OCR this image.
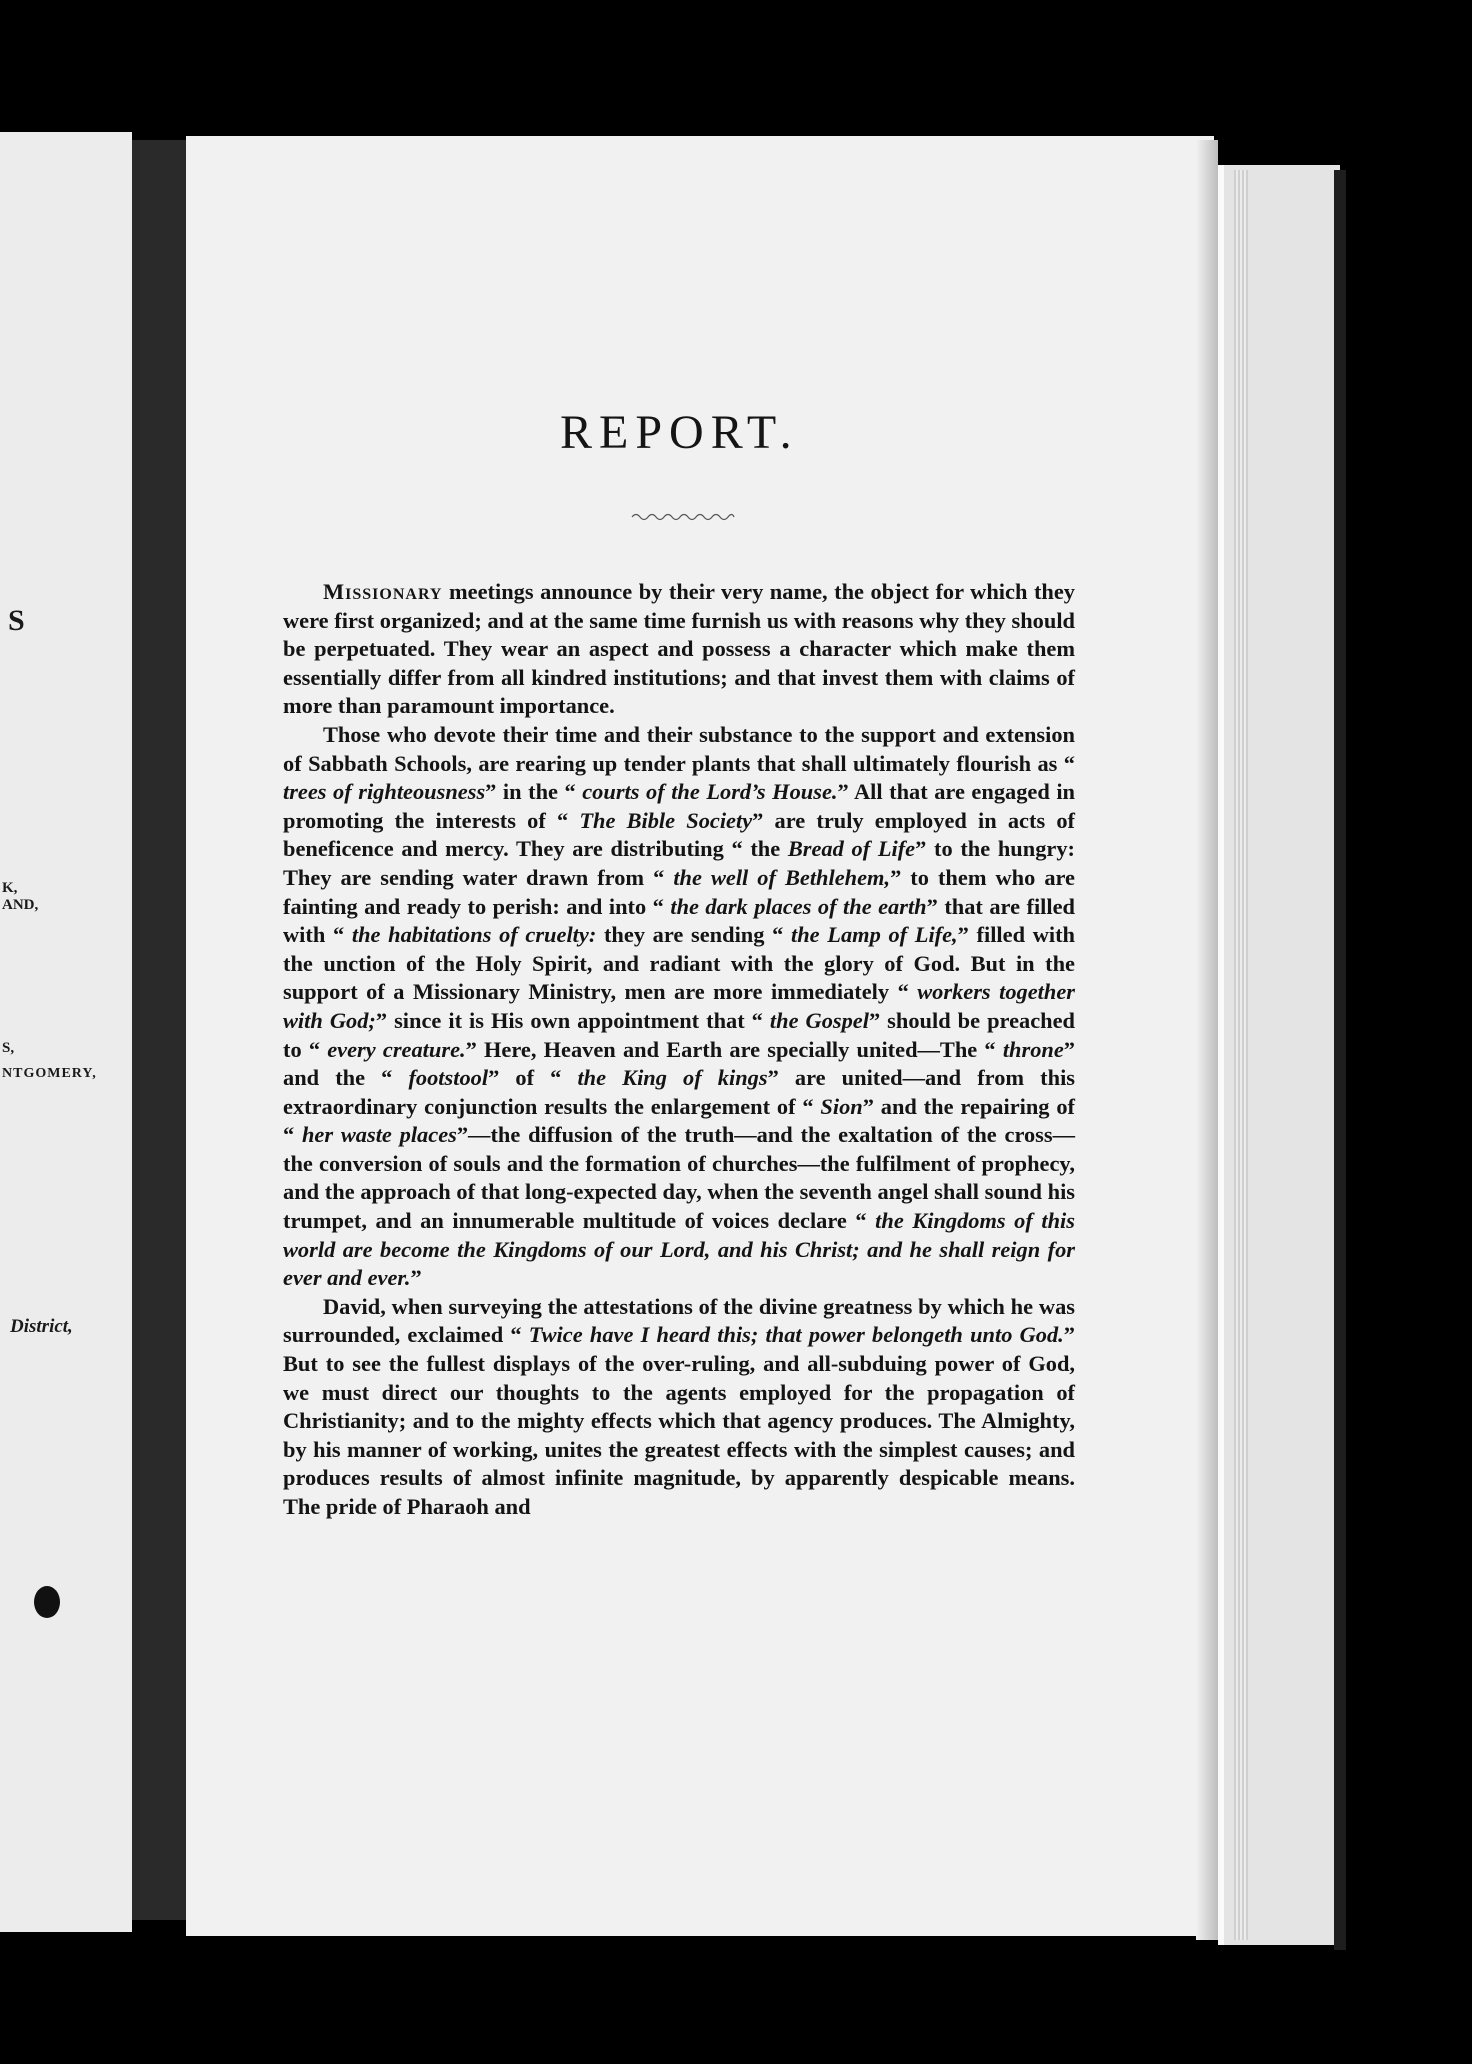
S
K,
AND,
S,
NTGOMERY,
District,
REPORT.

Missionary meetings announce by their very name, the object for which they were first organized; and at the same time furnish us with reasons why they should be perpetuated. They wear an aspect and possess a character which make them essentially differ from all kindred institutions; and that invest them with claims of more than paramount importance.

Those who devote their time and their substance to the support and extension of Sabbath Schools, are rearing up tender plants that shall ultimately flourish as “ trees of righteousness” in the “ courts of the Lord’s House.” All that are engaged in promoting the interests of “ The Bible Society” are truly employed in acts of beneficence and mercy. They are distributing “ the Bread of Life” to the hungry: They are sending water drawn from “ the well of Bethlehem,” to them who are fainting and ready to perish: and into “ the dark places of the earth” that are filled with “ the habitations of cruelty: they are sending “ the Lamp of Life,” filled with the unction of the Holy Spirit, and radiant with the glory of God. But in the support of a Missionary Ministry, men are more immediately “ workers together with God;” since it is His own appointment that “ the Gospel” should be preached to “ every creature.” Here, Heaven and Earth are specially united—The “ throne” and the “ footstool” of “ the King of kings” are united—and from this extraordinary conjunction results the enlargement of “ Sion” and the repairing of “ her waste places”—the diffusion of the truth—and the exaltation of the cross—the conversion of souls and the formation of churches—the fulfilment of prophecy, and the approach of that long-expected day, when the seventh angel shall sound his trumpet, and an innumerable multitude of voices declare “ the Kingdoms of this world are become the Kingdoms of our Lord, and his Christ; and he shall reign for ever and ever.”

David, when surveying the attestations of the divine greatness by which he was surrounded, exclaimed “ Twice have I heard this; that power belongeth unto God.” But to see the fullest displays of the over-ruling, and all-subduing power of God, we must direct our thoughts to the agents employed for the propagation of Christianity; and to the mighty effects which that agency produces. The Almighty, by his manner of working, unites the greatest effects with the simplest causes; and produces results of almost infinite magnitude, by apparently despicable means. The pride of Pharaoh and
